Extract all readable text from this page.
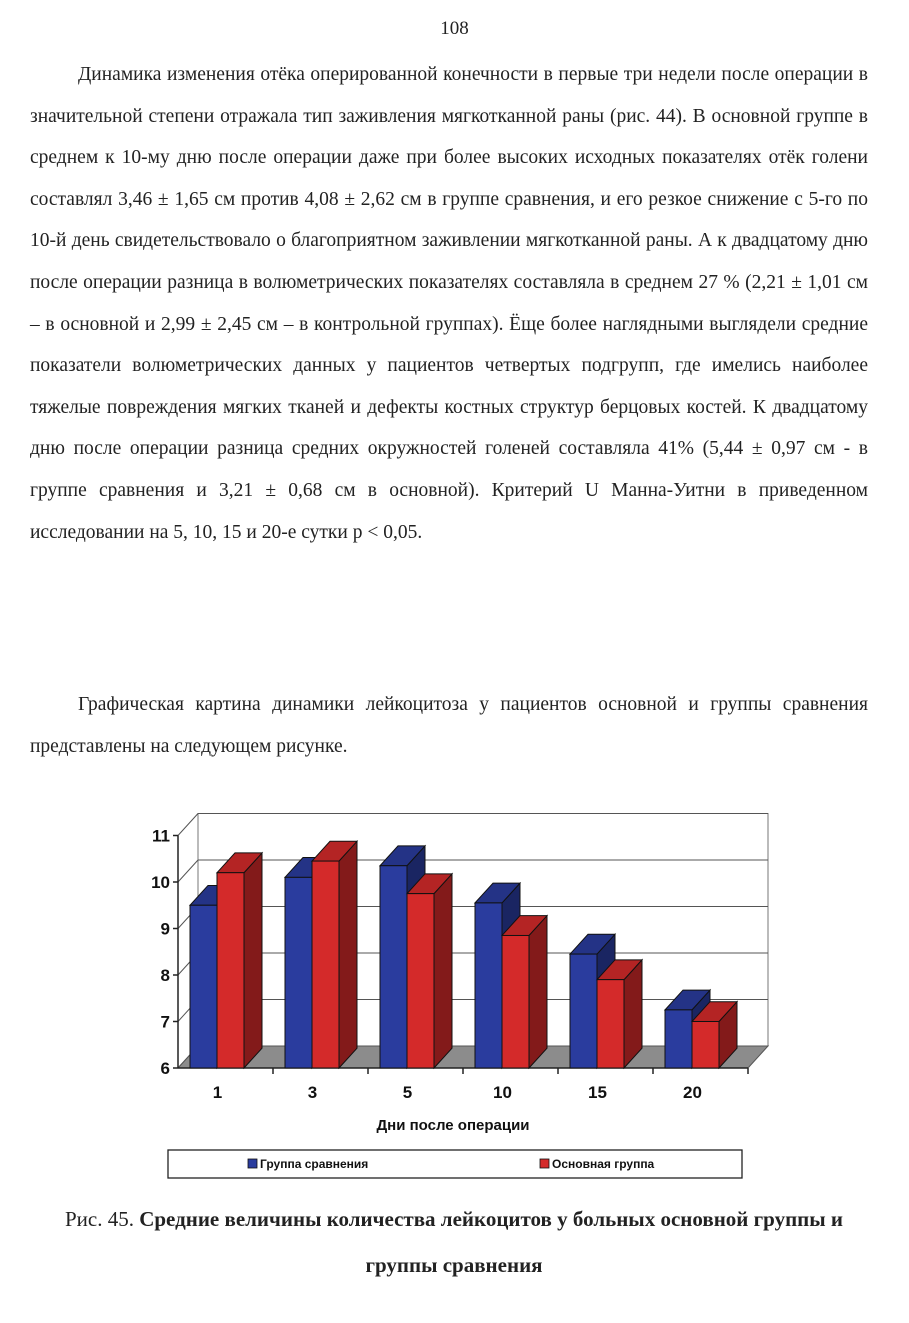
108

Динамика изменения отёка оперированной конечности в первые три недели после операции в значительной степени отражала тип заживления мягкотканной раны (рис. 44). В основной группе в среднем к 10-му дню после операции даже при более высоких исходных показателях отёк голени составлял 3,46 ± 1,65 см против 4,08 ± 2,62 см в группе сравнения, и его резкое снижение с 5-го по 10-й день свидетельствовало о благоприятном заживлении мягкотканной раны. А к двадцатому дню после операции разница в волюметрических показателях составляла в среднем 27 % (2,21 ± 1,01 см – в основной и 2,99 ± 2,45 см – в контрольной группах). Ёще более наглядными выглядели средние показатели волюметрических данных у пациентов четвертых подгрупп, где имелись наиболее тяжелые повреждения мягких тканей и дефекты костных структур берцовых костей. К двадцатому дню после операции разница средних окружностей голеней составляла 41% (5,44 ± 0,97 см - в группе сравнения и 3,21 ± 0,68 см в основной). Критерий U Манна-Уитни в приведенном исследовании на 5, 10, 15 и 20-е сутки p < 0,05.

Графическая картина динамики лейкоцитоза у пациентов основной и группы сравнения представлены на следующем рисунке.

6
7
8
9
10
11
1	3	5	10	15	20
Дни после операции
Группа сравнения	Основная группа
Рис. 45. Средние величины количества лейкоцитов у больных основной группы и группы сравнения
